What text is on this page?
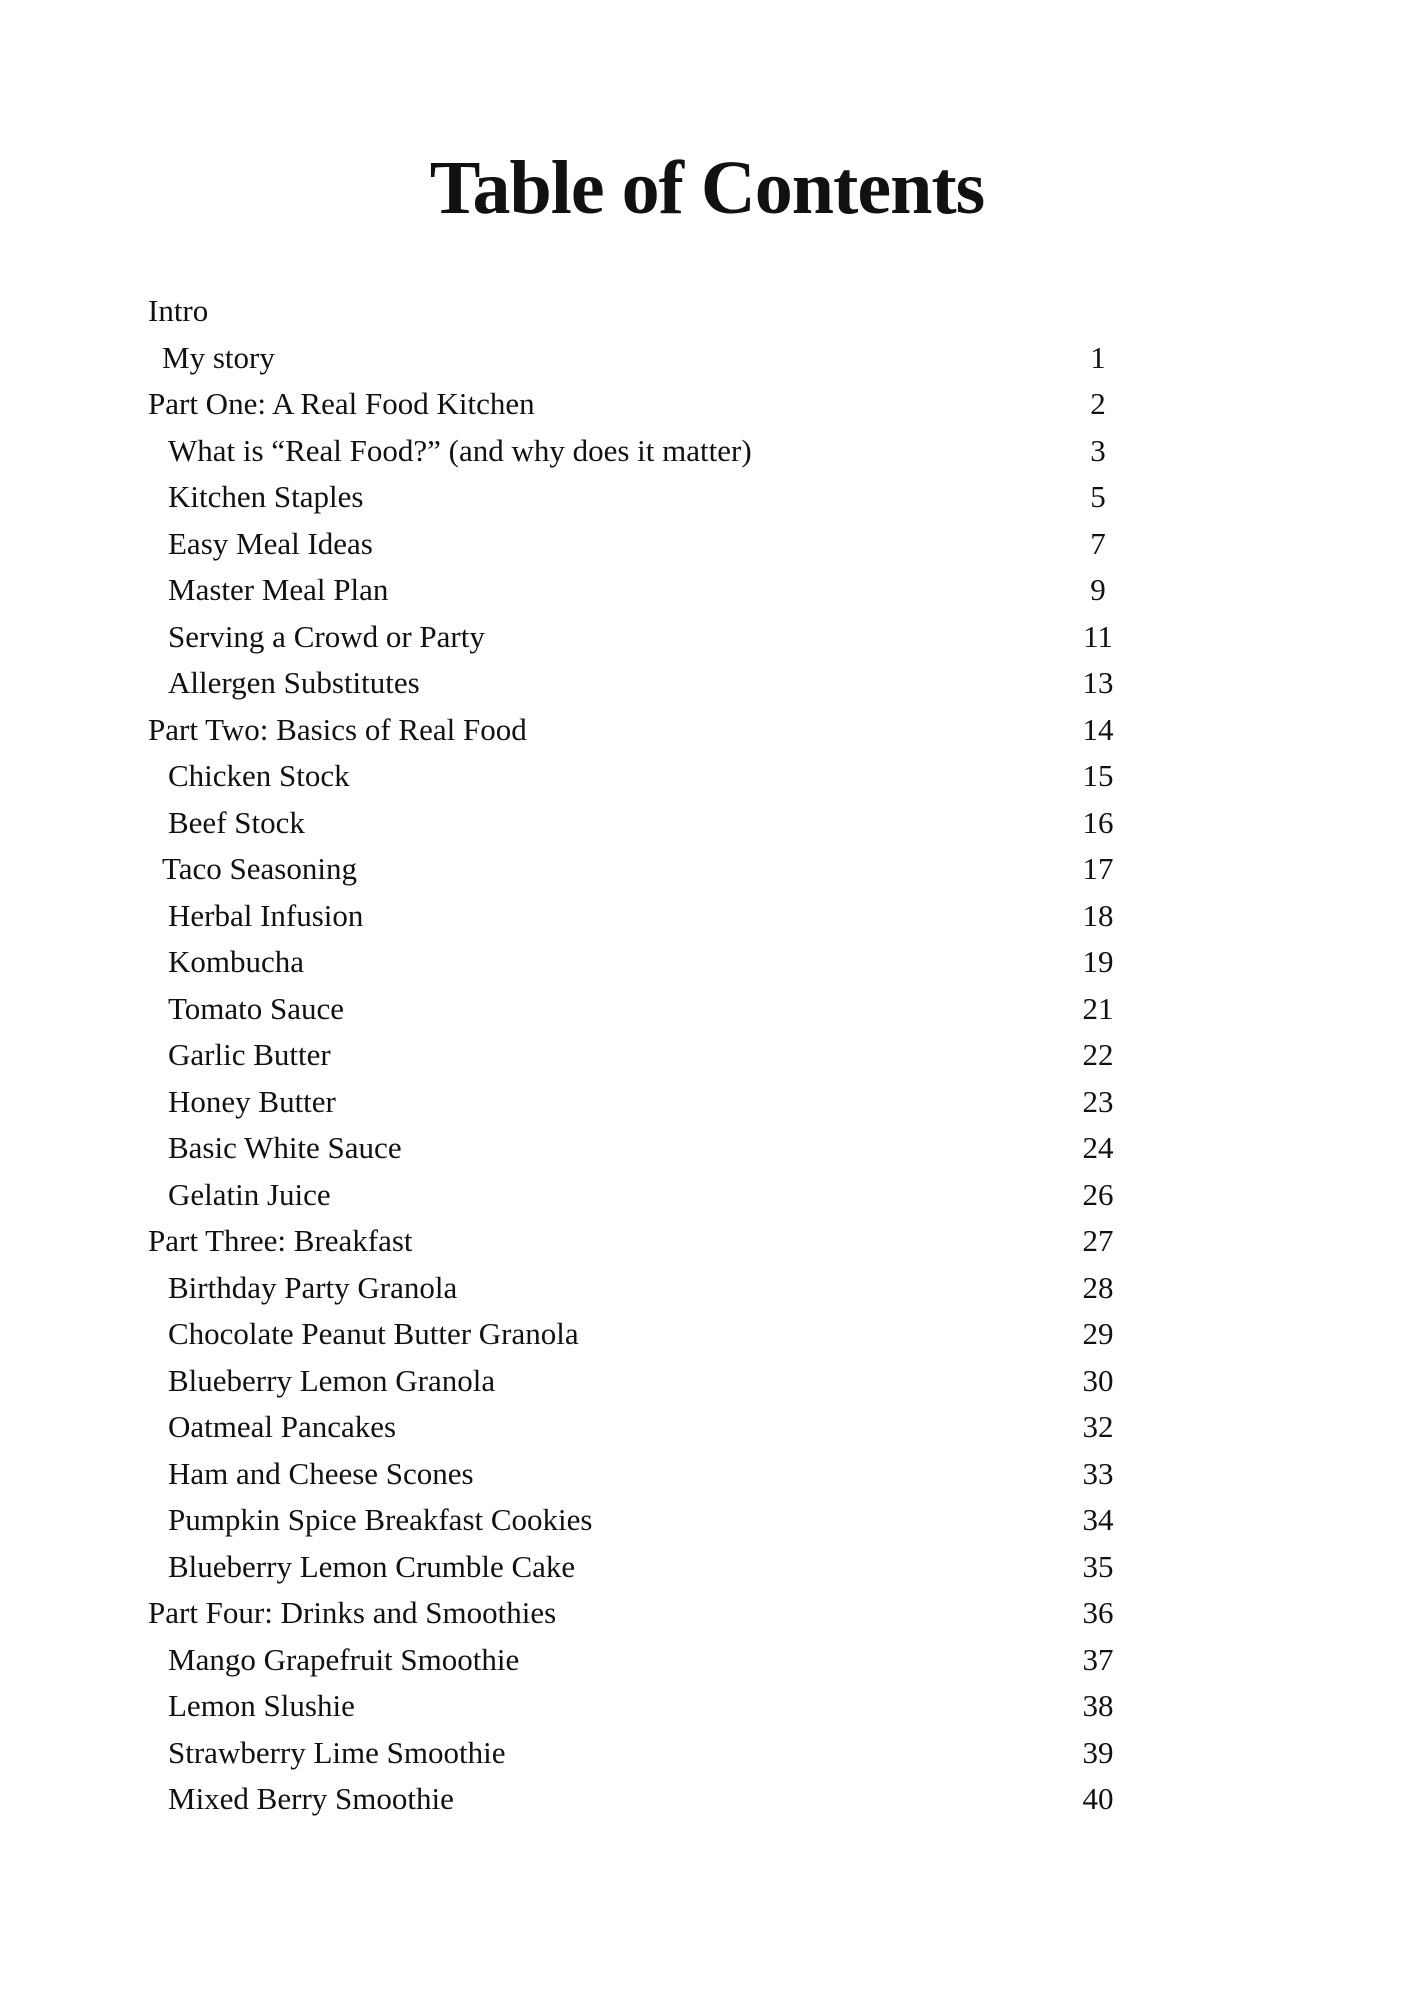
Table of Contents
Intro
My story	1
Part One: A Real Food Kitchen	2
What is “Real Food?” (and why does it matter)	3
Kitchen Staples	5
Easy Meal Ideas	7
Master Meal Plan	9
Serving a Crowd or Party	11
Allergen Substitutes	13
Part Two: Basics of Real Food	14
Chicken Stock	15
Beef Stock	16
Taco Seasoning	17
Herbal Infusion	18
Kombucha	19
Tomato Sauce	21
Garlic Butter	22
Honey Butter	23
Basic White Sauce	24
Gelatin Juice	26
Part Three: Breakfast	27
Birthday Party Granola	28
Chocolate Peanut Butter Granola	29
Blueberry Lemon Granola	30
Oatmeal Pancakes	32
Ham and Cheese Scones	33
Pumpkin Spice Breakfast Cookies	34
Blueberry Lemon Crumble Cake	35
Part Four: Drinks and Smoothies	36
Mango Grapefruit Smoothie	37
Lemon Slushie	38
Strawberry Lime Smoothie	39
Mixed Berry Smoothie	40
